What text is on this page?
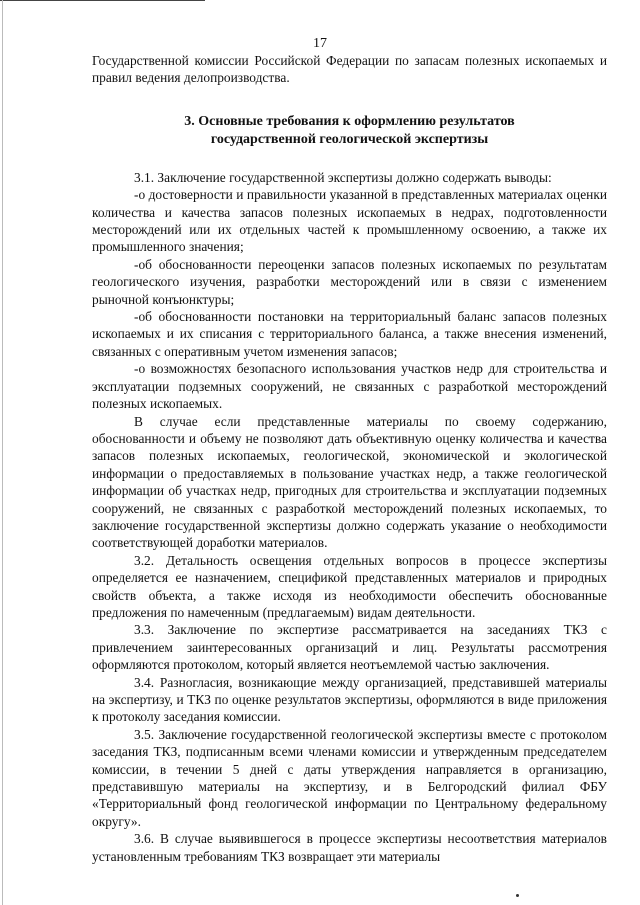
17

Государственной комиссии Российской Федерации по запасам полезных ископаемых и правил ведения делопроизводства.

3. Основные требования к оформлению результатов
государственной геологической экспертизы

3.1. Заключение государственной экспертизы должно содержать выводы:

-о достоверности и правильности указанной в представленных материалах оценки количества и качества запасов полезных ископаемых в недрах, подготовленности месторождений или их отдельных частей к промышленному освоению, а также их промышленного значения;

-об обоснованности переоценки запасов полезных ископаемых по результатам геологического изучения, разработки месторождений или в связи с изменением рыночной конъюнктуры;

-об обоснованности постановки на территориальный баланс запасов полезных ископаемых и их списания с территориального баланса, а также внесения изменений, связанных с оперативным учетом изменения запасов;

-о возможностях безопасного использования участков недр для строительства и эксплуатации подземных сооружений, не связанных с разработкой месторождений полезных ископаемых.

В случае если представленные материалы по своему содержанию, обоснованности и объему не позволяют дать объективную оценку количества и качества запасов полезных ископаемых, геологической, экономической и экологической информации о предоставляемых в пользование участках недр, а также геологической информации об участках недр, пригодных для строительства и эксплуатации подземных сооружений, не связанных с разработкой месторождений полезных ископаемых, то заключение государственной экспертизы должно содержать указание о необходимости соответствующей доработки материалов.

3.2. Детальность освещения отдельных вопросов в процессе экспертизы определяется ее назначением, спецификой представленных материалов и природных свойств объекта, а также исходя из необходимости обеспечить обоснованные предложения по намеченным (предлагаемым) видам деятельности.

3.3. Заключение по экспертизе рассматривается на заседаниях ТКЗ с привлечением заинтересованных организаций и лиц. Результаты рассмотрения оформляются протоколом, который является неотъемлемой частью заключения.

3.4. Разногласия, возникающие между организацией, представившей материалы на экспертизу, и ТКЗ по оценке результатов экспертизы, оформляются в виде приложения к протоколу заседания комиссии.

3.5. Заключение государственной геологической экспертизы вместе с протоколом заседания ТКЗ, подписанным всеми членами комиссии и утвержденным председателем комиссии, в течении 5 дней с даты утверждения направляется в организацию, представившую материалы на экспертизу, и в Белгородский филиал ФБУ «Территориальный фонд геологической информации по Центральному федеральному округу».

3.6. В случае выявившегося в процессе экспертизы несоответствия материалов установленным требованиям ТКЗ возвращает эти материалы
